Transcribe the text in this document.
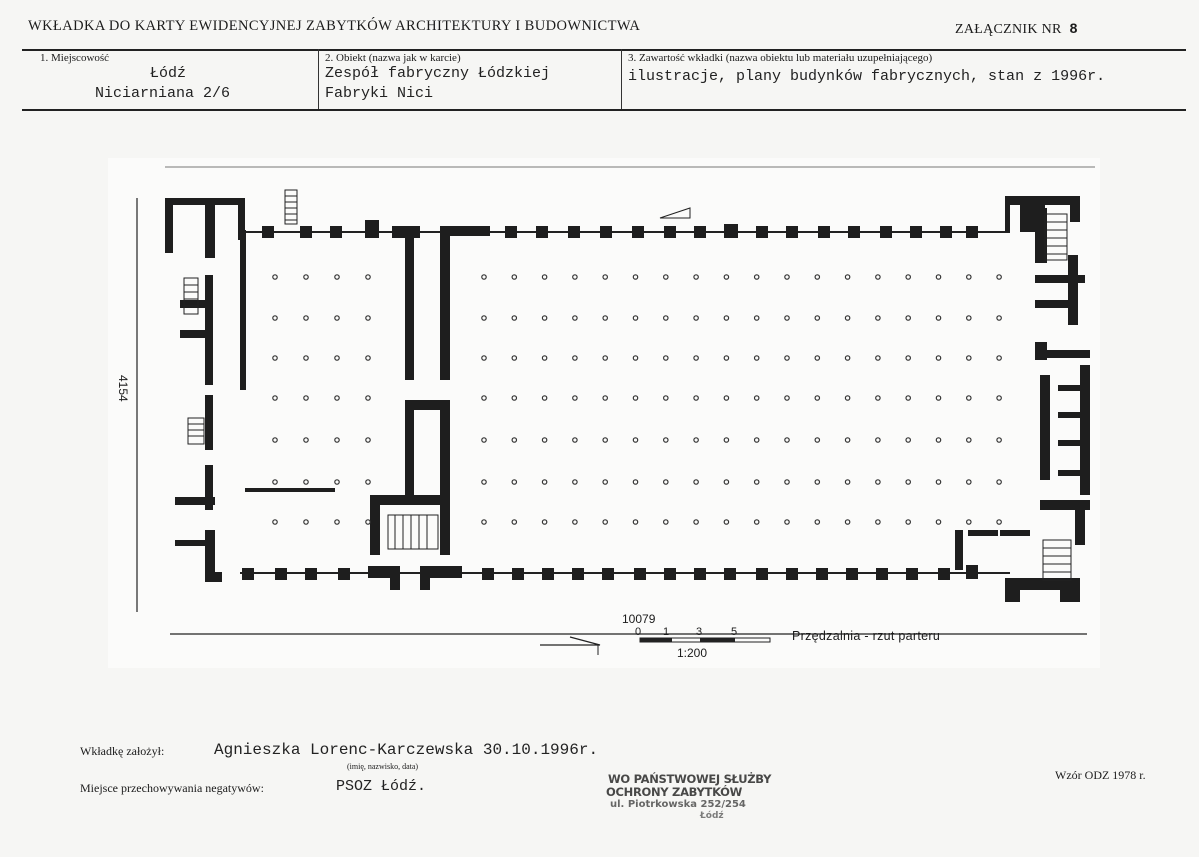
WKŁADKA DO KARTY EWIDENCYJNEJ ZABYTKÓW ARCHITEKTURY I BUDOWNICTWA	ZAŁĄCZNIK NR 8
1. Miejscowość
Łódź
Niciarniana 2/6
2. Obiekt (nazwa jak w karcie)
Zespół fabryczny Łódzkiej
Fabryki Nici
3. Zawartość wkładki (nazwa obiektu lub materiału uzupełniającego)
ilustracje, plany budynków fabrycznych, stan z 1996r.
10079
4154
0 1 3	5
1:200
Przędzalnia - rzut parteru
Wkładkę założył:	Agnieszka Lorenc-Karczewska 30.10.1996r.
(imię, nazwisko, data)
Miejsce przechowywania negatywów:	PSOZ Łódź.
Wzór ODZ 1978 r.
WO PAŃSTWOWEJ SŁUŻBY
OCHRONY ZABYTKÓW
ul. Piotrkowska 252/254
Łódź
